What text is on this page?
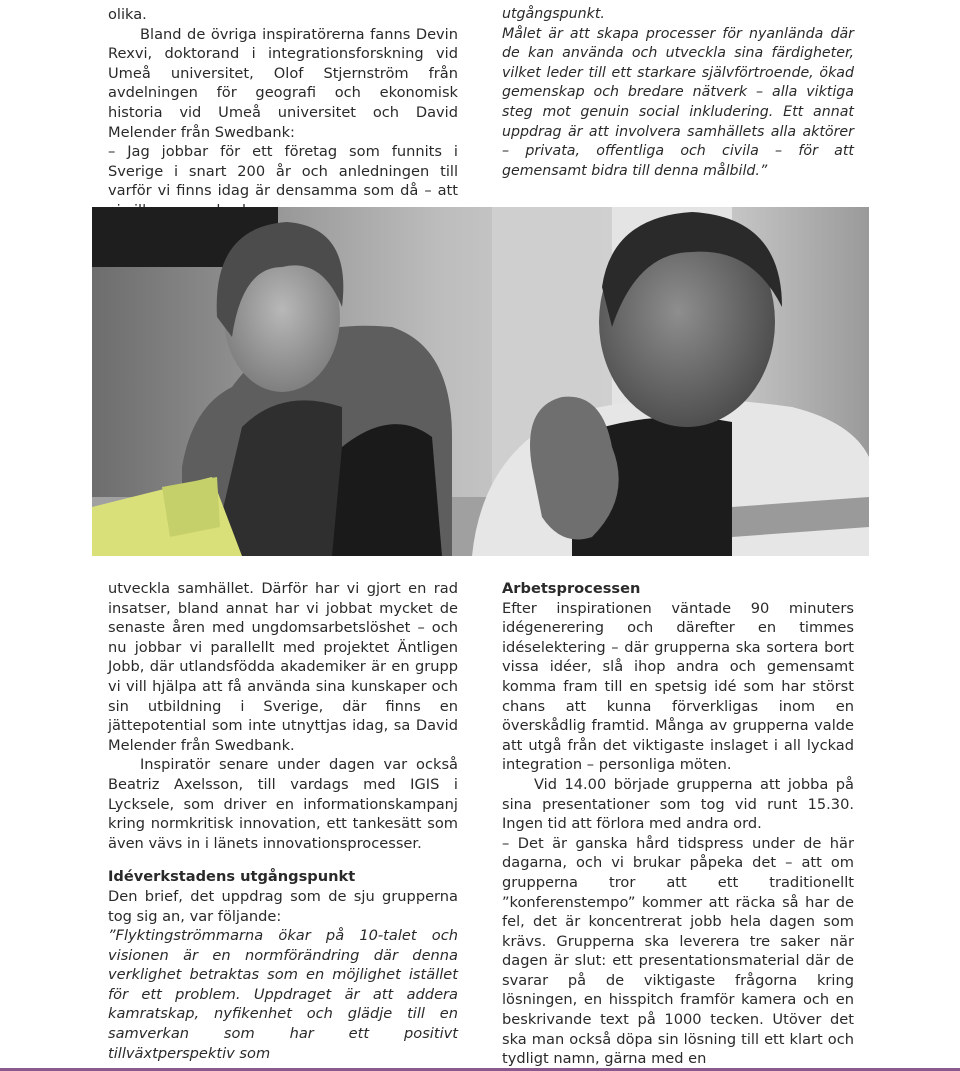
olika.

Bland de övriga inspiratörerna fanns Devin Rexvi, doktorand i integrationsforskning vid Umeå universitet, Olof Stjernström från avdelningen för geografi och ekonomisk historia vid Umeå universitet och David Melender från Swedbank:

– Jag jobbar för ett företag som funnits i Sverige i snart 200 år och anledningen till varför vi finns idag är densamma som då – att

utgångspunkt.

Målet är att skapa processer för nyanlända där de kan använda och utveckla sina färdigheter, vilket leder till ett starkare självförtroende, ökad gemenskap och bredare nätverk – alla viktiga steg mot genuin social inkludering. Ett annat uppdrag är att involvera samhällets alla aktörer – privata, offentliga och civila – för att gemensamt bidra till denna målbild.”

utveckla samhället. Därför har vi gjort en rad insatser, bland annat har vi jobbat mycket de senaste åren med ungdomsarbetslöshet – och nu jobbar vi parallellt med projektet Äntligen Jobb, där utlandsfödda akademiker är en grupp vi vill hjälpa att få använda sina kunskaper och sin utbildning i Sverige, där finns en jättepotential som inte utnyttjas idag, sa David Melender från Swedbank.

Inspiratör senare under dagen var också Beatriz Axelsson, till vardags med IGIS i Lycksele, som driver en informationskampanj kring normkritisk innovation, ett tankesätt som även vävs in i länets innovationsprocesser.

Idéverkstadens utgångspunkt

Den brief, det uppdrag som de sju grupperna tog sig an, var följande:

”Flyktingströmmarna ökar på 10-talet och visionen är en normförändring där denna verklighet betraktas som en möjlighet istället för ett problem. Uppdraget är att addera kamratskap, nyfikenhet och glädje till en samverkan som har ett positivt tillväxtperspektiv som

Arbetsprocessen

Efter inspirationen väntade 90 minuters idégenerering och därefter en timmes idéselektering – där grupperna ska sortera bort vissa idéer, slå ihop andra och gemensamt komma fram till en spetsig idé som har störst chans att kunna förverkligas inom en överskådlig framtid. Många av grupperna valde att utgå från det viktigaste inslaget i all lyckad integration – personliga möten.

Vid 14.00 började grupperna att jobba på sina presentationer som tog vid runt 15.30. Ingen tid att förlora med andra ord.

– Det är ganska hård tidspress under de här dagarna, och vi brukar påpeka det – att om grupperna tror att ett traditionellt ”konferenstempo” kommer att räcka så har de fel, det är koncentrerat jobb hela dagen som krävs. Grupperna ska leverera tre saker när dagen är slut: ett presentationsmaterial där de svarar på de viktigaste frågorna kring lösningen, en hisspitch framför kamera och en beskrivande text på 1000 tecken. Utöver det ska man också döpa sin lösning till ett klart och tydligt namn, gärna med en
